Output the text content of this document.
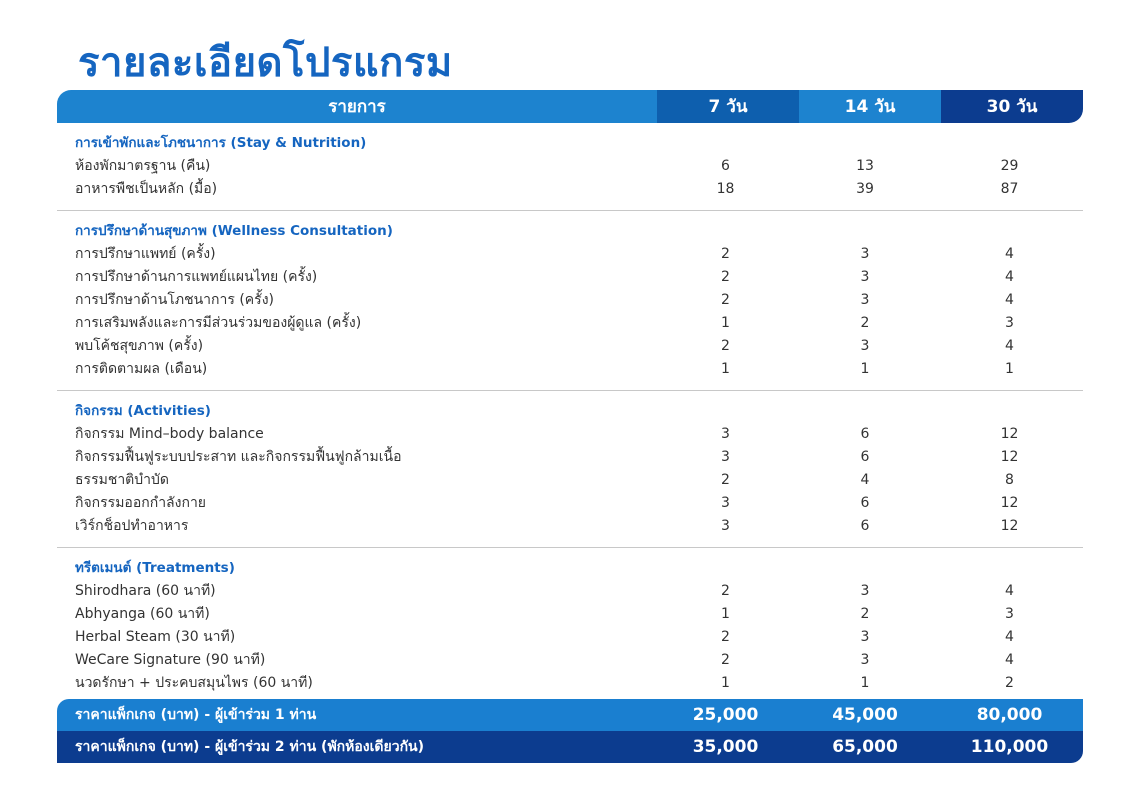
รายละเอียดโปรแกรม
รายการ	7 วัน	14 วัน	30 วัน
การเข้าพักและโภชนาการ (Stay & Nutrition)
ห้องพักมาตรฐาน (คืน)	6	13	29
อาหารพืชเป็นหลัก (มื้อ)	18	39	87
การปรึกษาด้านสุขภาพ (Wellness Consultation)
การปรึกษาแพทย์ (ครั้ง)	2	3	4
การปรึกษาด้านการแพทย์แผนไทย (ครั้ง)	2	3	4
การปรึกษาด้านโภชนาการ (ครั้ง)	2	3	4
การเสริมพลังและการมีส่วนร่วมของผู้ดูแล (ครั้ง)	1	2	3
พบโค้ชสุขภาพ (ครั้ง)	2	3	4
การติดตามผล (เดือน)	1	1	1
กิจกรรม (Activities)
กิจกรรม Mind–body balance	3	6	12
กิจกรรมฟื้นฟูระบบประสาท และกิจกรรมฟื้นฟูกล้ามเนื้อ	3	6	12
ธรรมชาติบำบัด	2	4	8
กิจกรรมออกกำลังกาย	3	6	12
เวิร์กช็อปทำอาหาร	3	6	12
ทรีตเมนต์ (Treatments)
Shirodhara (60 นาที)	2	3	4
Abhyanga (60 นาที)	1	2	3
Herbal Steam (30 นาที)	2	3	4
WeCare Signature (90 นาที)	2	3	4
นวดรักษา + ประคบสมุนไพร (60 นาที)	1	1	2
ราคาแพ็กเกจ (บาท) - ผู้เข้าร่วม 1 ท่าน	25,000	45,000	80,000
ราคาแพ็กเกจ (บาท) - ผู้เข้าร่วม 2 ท่าน (พักห้องเดียวกัน)	35,000	65,000	110,000
